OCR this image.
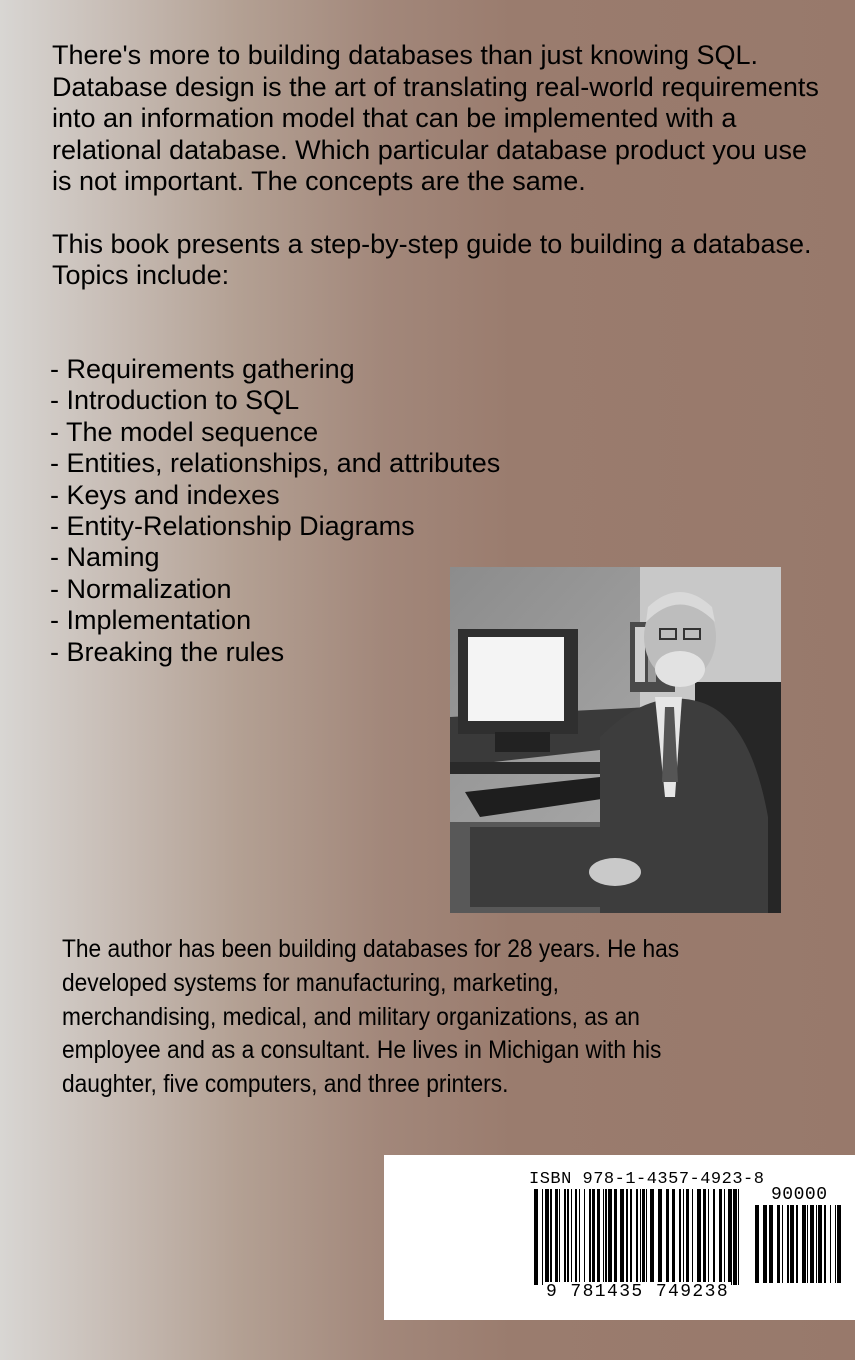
There's more to building databases than just knowing SQL. Database design is the art of translating real-world requirements into an information model that can be implemented with a relational database. Which particular database product you use is not important. The concepts are the same.

This book presents a step-by-step guide to building a database. Topics include:

- Requirements gathering
- Introduction to SQL
- The model sequence
- Entities, relationships, and attributes
- Keys and indexes
- Entity-Relationship Diagrams
- Naming
- Normalization
- Implementation
- Breaking the rules

The author has been building databases for 28 years. He has developed systems for manufacturing, marketing, merchandising, medical, and military organizations, as an employee and as a consultant. He lives in Michigan with his daughter, five computers, and three printers.

ISBN 978-1-4357-4923-8
90000
9 781435 749238
